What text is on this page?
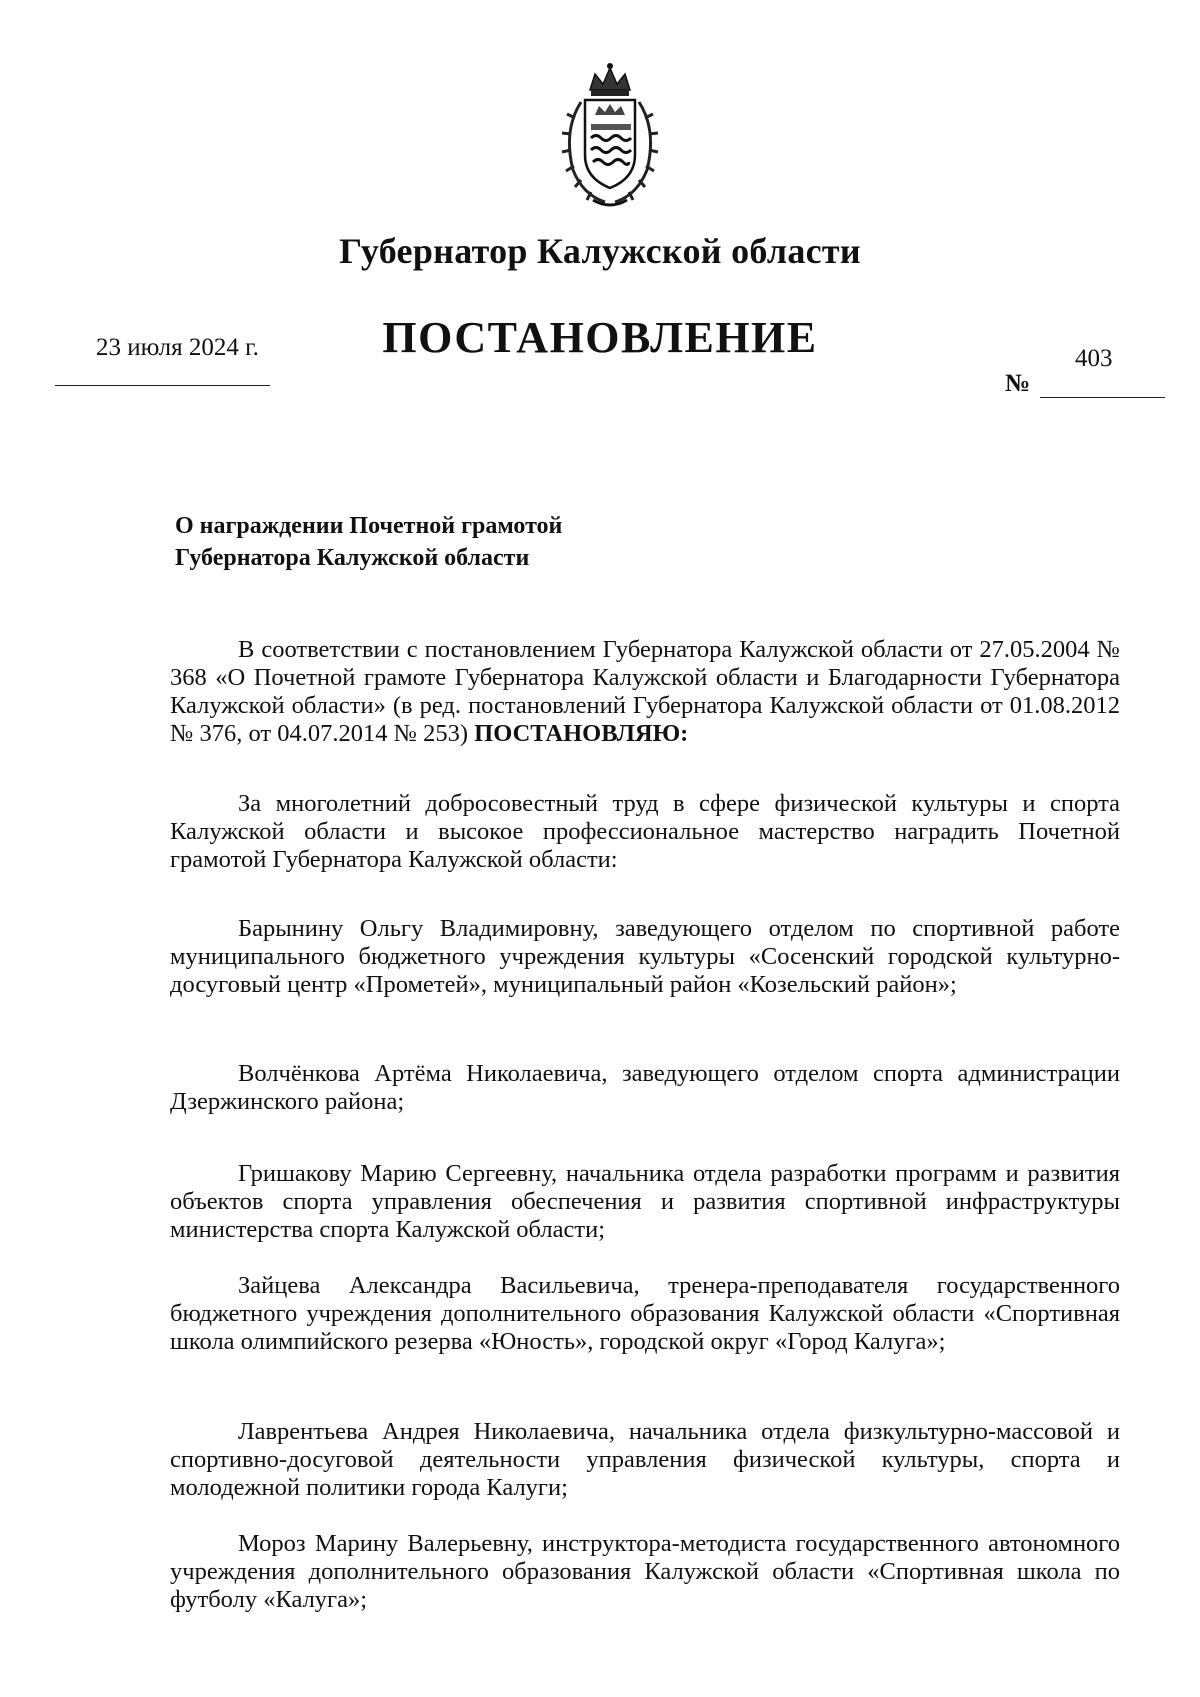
Губернатор Калужской области
ПОСТАНОВЛЕНИЕ
23 июля 2024 г.	403
№
О награждении Почетной грамотой
Губернатора Калужской области
В соответствии с постановлением Губернатора Калужской области от 27.05.2004 № 368 «О Почетной грамоте Губернатора Калужской области и Благодарности Губернатора Калужской области» (в ред. постановлений Губернатора Калужской области от 01.08.2012 № 376, от 04.07.2014 № 253) ПОСТАНОВЛЯЮ:
За многолетний добросовестный труд в сфере физической культуры и спорта Калужской области и высокое профессиональное мастерство наградить Почетной грамотой Губернатора Калужской области:
Барынину Ольгу Владимировну, заведующего отделом по спортивной работе муниципального бюджетного учреждения культуры «Сосенский городской культурно-досуговый центр «Прометей», муниципальный район «Козельский район»;
Волчёнкова Артёма Николаевича, заведующего отделом спорта администрации Дзержинского района;
Гришакову Марию Сергеевну, начальника отдела разработки программ и развития объектов спорта управления обеспечения и развития спортивной инфраструктуры министерства спорта Калужской области;
Зайцева Александра Васильевича, тренера-преподавателя государственного бюджетного учреждения дополнительного образования Калужской области «Спортивная школа олимпийского резерва «Юность», городской округ «Город Калуга»;
Лаврентьева Андрея Николаевича, начальника отдела физкультурно-массовой и спортивно-досуговой деятельности управления физической культуры, спорта и молодежной политики города Калуги;
Мороз Марину Валерьевну, инструктора-методиста государственного автономного учреждения дополнительного образования Калужской области «Спортивная школа по футболу «Калуга»;
